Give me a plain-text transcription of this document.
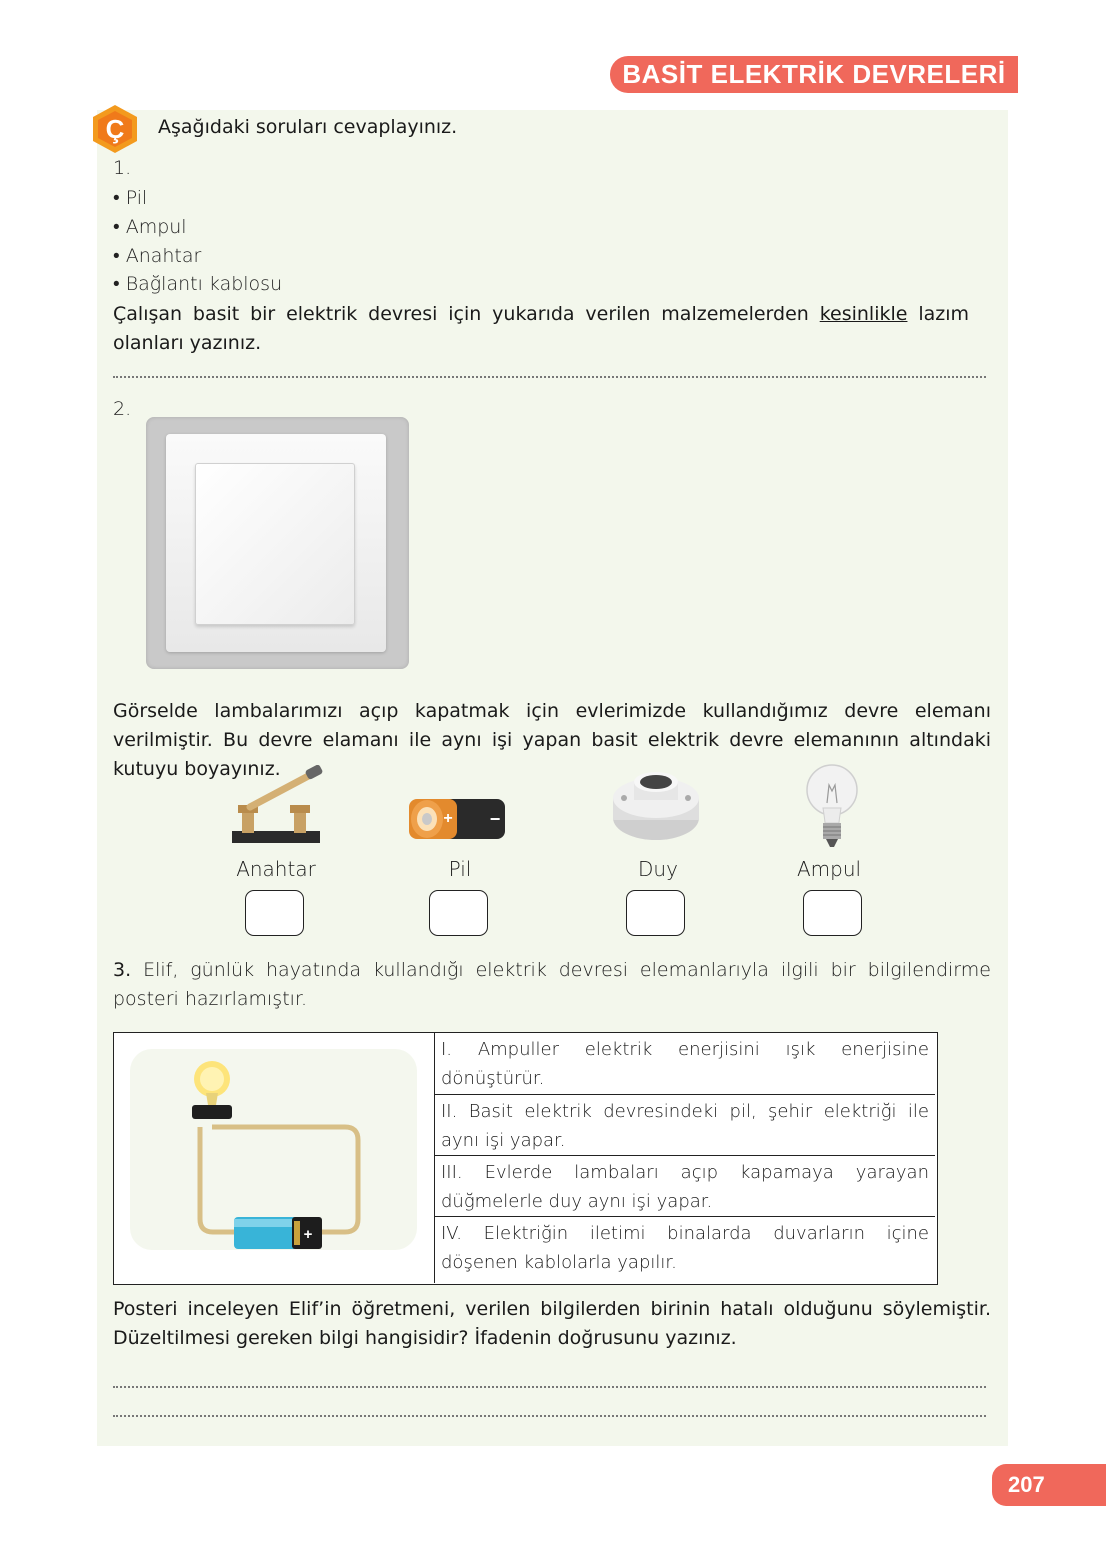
BASİT ELEKTRİK DEVRELERİ
Ç Aşağıdaki soruları cevaplayınız.
1.
• Pil
• Ampul
• Anahtar
• Bağlantı kablosu
Çalışan basit bir elektrik devresi için yukarıda verilen malzemelerden kesinlikle lazım olanları yazınız.
2.
Görselde lambalarımızı açıp kapatmak için evlerimizde kullandığımız devre elemanı verilmiştir. Bu devre elamanı ile aynı işi yapan basit elektrik devre elemanının altındaki kutuyu boyayınız.
+ −
Anahtar	Pil	Duy	Ampul
3. Elif, günlük hayatında kullandığı elektrik devresi elemanlarıyla ilgili bir bilgilendirme posteri hazırlamıştır.
+
I. Ampuller elektrik enerjisini ışık enerjisine dönüştürür.
II. Basit elektrik devresindeki pil, şehir elektriği ile aynı işi yapar.
III. Evlerde lambaları açıp kapamaya yarayan düğmelerle duy aynı işi yapar.
IV. Elektriğin iletimi binalarda duvarların içine döşenen kablolarla yapılır.
Posteri inceleyen Elif’in öğretmeni, verilen bilgilerden birinin hatalı olduğunu söylemiştir. Düzeltilmesi gereken bilgi hangisidir? İfadenin doğrusunu yazınız.
207
